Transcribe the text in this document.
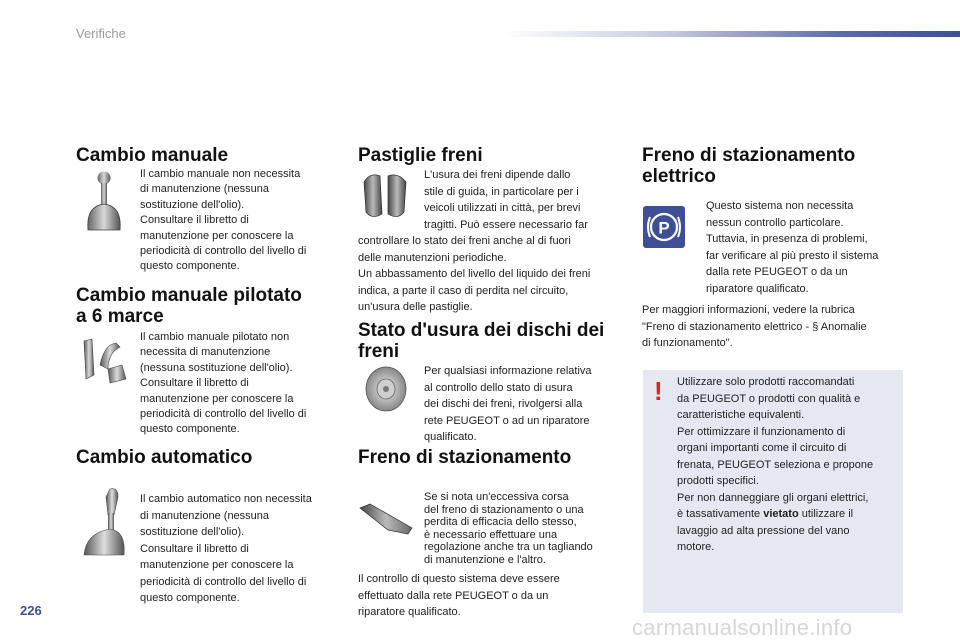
Verifiche
Cambio manuale

Il cambio manuale non necessita
di manutenzione (nessuna
sostituzione dell'olio).
Consultare il libretto di
manutenzione per conoscere la
periodicità di controllo del livello di
questo componente.

Cambio manuale pilotato
a 6 marce

Il cambio manuale pilotato non
necessita di manutenzione
(nessuna sostituzione dell'olio).
Consultare il libretto di
manutenzione per conoscere la
periodicità di controllo del livello di
questo componente.

Cambio automatico

Il cambio automatico non necessita
di manutenzione (nessuna
sostituzione dell'olio).
Consultare il libretto di
manutenzione per conoscere la
periodicità di controllo del livello di
questo componente.

Pastiglie freni

L'usura dei freni dipende dallo
stile di guida, in particolare per i
veicoli utilizzati in città, per brevi
tragitti. Può essere necessario far

controllare lo stato dei freni anche al di fuori
delle manutenzioni periodiche.
Un abbassamento del livello del liquido dei freni
indica, a parte il caso di perdita nel circuito,
un'usura delle pastiglie.

Stato d'usura dei dischi dei
freni

Per qualsiasi informazione relativa
al controllo dello stato di usura
dei dischi dei freni, rivolgersi alla
rete PEUGEOT o ad un riparatore
qualificato.

Freno di stazionamento

Se si nota un'eccessiva corsa
del freno di stazionamento o una
perdita di efficacia dello stesso,
è necessario effettuare una
regolazione anche tra un tagliando
di manutenzione e l'altro.

Il controllo di questo sistema deve essere
effettuato dalla rete PEUGEOT o da un
riparatore qualificato.

Freno di stazionamento
elettrico
P

Questo sistema non necessita
nessun controllo particolare.
Tuttavia, in presenza di problemi,
far verificare al più presto il sistema
dalla rete PEUGEOT o da un
riparatore qualificato.

Per maggiori informazioni, vedere la rubrica
"Freno di stazionamento elettrico - § Anomalie
di funzionamento".

! Utilizzare solo prodotti raccomandati
da PEUGEOT o prodotti con qualità e
caratteristiche equivalenti.
Per ottimizzare il funzionamento di
organi importanti come il circuito di
frenata, PEUGEOT seleziona e propone
prodotti specifici.
Per non danneggiare gli organi elettrici,
è tassativamente vietato utilizzare il
lavaggio ad alta pressione del vano
motore.

226
carmanualsonline.info
